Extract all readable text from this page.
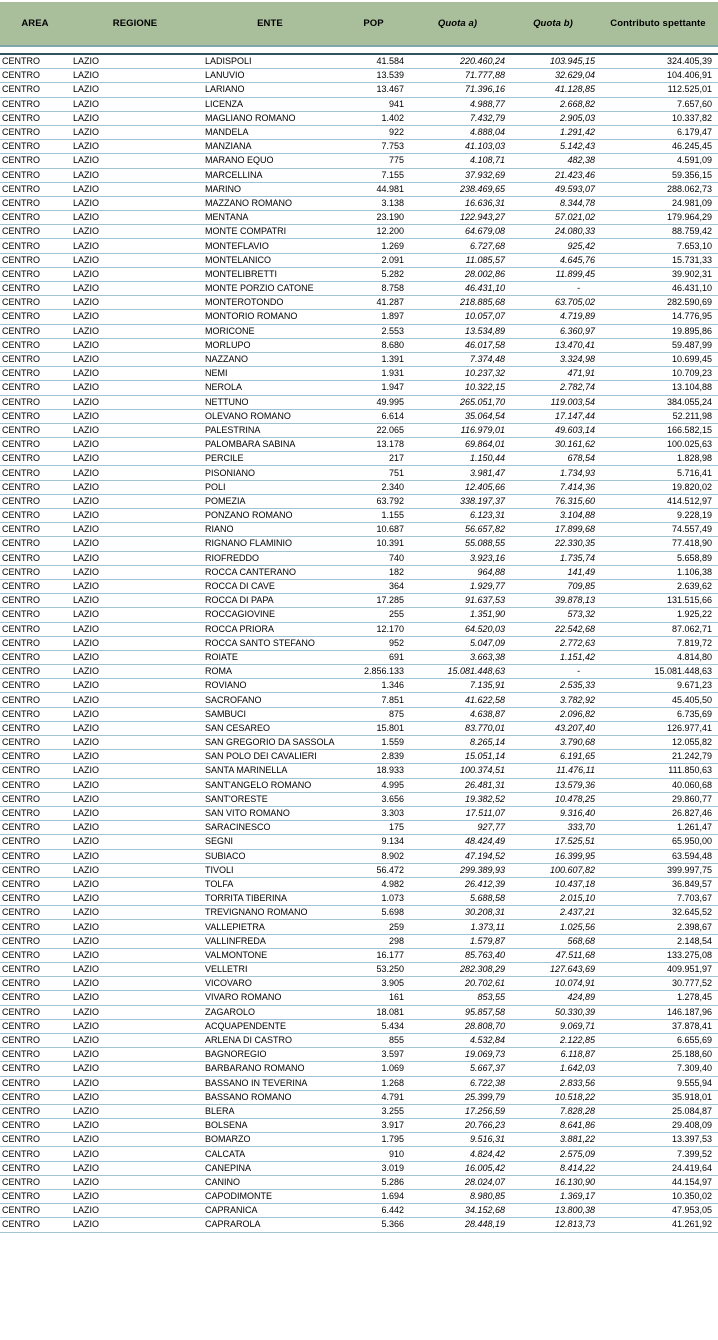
AREA	REGIONE	ENTE	POP	Quota a)	Quota b)	Contributo spettante
CENTRO	LAZIO	LADISPOLI	41.584	220.460,24	103.945,15	324.405,39
CENTRO	LAZIO	LANUVIO	13.539	71.777,88	32.629,04	104.406,91
CENTRO	LAZIO	LARIANO	13.467	71.396,16	41.128,85	112.525,01
CENTRO	LAZIO	LICENZA	941	4.988,77	2.668,82	7.657,60
CENTRO	LAZIO	MAGLIANO ROMANO	1.402	7.432,79	2.905,03	10.337,82
CENTRO	LAZIO	MANDELA	922	4.888,04	1.291,42	6.179,47
CENTRO	LAZIO	MANZIANA	7.753	41.103,03	5.142,43	46.245,45
CENTRO	LAZIO	MARANO EQUO	775	4.108,71	482,38	4.591,09
CENTRO	LAZIO	MARCELLINA	7.155	37.932,69	21.423,46	59.356,15
CENTRO	LAZIO	MARINO	44.981	238.469,65	49.593,07	288.062,73
CENTRO	LAZIO	MAZZANO ROMANO	3.138	16.636,31	8.344,78	24.981,09
CENTRO	LAZIO	MENTANA	23.190	122.943,27	57.021,02	179.964,29
CENTRO	LAZIO	MONTE COMPATRI	12.200	64.679,08	24.080,33	88.759,42
CENTRO	LAZIO	MONTEFLAVIO	1.269	6.727,68	925,42	7.653,10
CENTRO	LAZIO	MONTELANICO	2.091	11.085,57	4.645,76	15.731,33
CENTRO	LAZIO	MONTELIBRETTI	5.282	28.002,86	11.899,45	39.902,31
CENTRO	LAZIO	MONTE PORZIO CATONE	8.758	46.431,10	-	46.431,10
CENTRO	LAZIO	MONTEROTONDO	41.287	218.885,68	63.705,02	282.590,69
CENTRO	LAZIO	MONTORIO ROMANO	1.897	10.057,07	4.719,89	14.776,95
CENTRO	LAZIO	MORICONE	2.553	13.534,89	6.360,97	19.895,86
CENTRO	LAZIO	MORLUPO	8.680	46.017,58	13.470,41	59.487,99
CENTRO	LAZIO	NAZZANO	1.391	7.374,48	3.324,98	10.699,45
CENTRO	LAZIO	NEMI	1.931	10.237,32	471,91	10.709,23
CENTRO	LAZIO	NEROLA	1.947	10.322,15	2.782,74	13.104,88
CENTRO	LAZIO	NETTUNO	49.995	265.051,70	119.003,54	384.055,24
CENTRO	LAZIO	OLEVANO ROMANO	6.614	35.064,54	17.147,44	52.211,98
CENTRO	LAZIO	PALESTRINA	22.065	116.979,01	49.603,14	166.582,15
CENTRO	LAZIO	PALOMBARA SABINA	13.178	69.864,01	30.161,62	100.025,63
CENTRO	LAZIO	PERCILE	217	1.150,44	678,54	1.828,98
CENTRO	LAZIO	PISONIANO	751	3.981,47	1.734,93	5.716,41
CENTRO	LAZIO	POLI	2.340	12.405,66	7.414,36	19.820,02
CENTRO	LAZIO	POMEZIA	63.792	338.197,37	76.315,60	414.512,97
CENTRO	LAZIO	PONZANO ROMANO	1.155	6.123,31	3.104,88	9.228,19
CENTRO	LAZIO	RIANO	10.687	56.657,82	17.899,68	74.557,49
CENTRO	LAZIO	RIGNANO FLAMINIO	10.391	55.088,55	22.330,35	77.418,90
CENTRO	LAZIO	RIOFREDDO	740	3.923,16	1.735,74	5.658,89
CENTRO	LAZIO	ROCCA CANTERANO	182	964,88	141,49	1.106,38
CENTRO	LAZIO	ROCCA DI CAVE	364	1.929,77	709,85	2.639,62
CENTRO	LAZIO	ROCCA DI PAPA	17.285	91.637,53	39.878,13	131.515,66
CENTRO	LAZIO	ROCCAGIOVINE	255	1.351,90	573,32	1.925,22
CENTRO	LAZIO	ROCCA PRIORA	12.170	64.520,03	22.542,68	87.062,71
CENTRO	LAZIO	ROCCA SANTO STEFANO	952	5.047,09	2.772,63	7.819,72
CENTRO	LAZIO	ROIATE	691	3.663,38	1.151,42	4.814,80
CENTRO	LAZIO	ROMA	2.856.133	15.081.448,63	-	15.081.448,63
CENTRO	LAZIO	ROVIANO	1.346	7.135,91	2.535,33	9.671,23
CENTRO	LAZIO	SACROFANO	7.851	41.622,58	3.782,92	45.405,50
CENTRO	LAZIO	SAMBUCI	875	4.638,87	2.096,82	6.735,69
CENTRO	LAZIO	SAN CESAREO	15.801	83.770,01	43.207,40	126.977,41
CENTRO	LAZIO	SAN GREGORIO DA SASSOLA	1.559	8.265,14	3.790,68	12.055,82
CENTRO	LAZIO	SAN POLO DEI CAVALIERI	2.839	15.051,14	6.191,65	21.242,79
CENTRO	LAZIO	SANTA MARINELLA	18.933	100.374,51	11.476,11	111.850,63
CENTRO	LAZIO	SANT'ANGELO ROMANO	4.995	26.481,31	13.579,36	40.060,68
CENTRO	LAZIO	SANT'ORESTE	3.656	19.382,52	10.478,25	29.860,77
CENTRO	LAZIO	SAN VITO ROMANO	3.303	17.511,07	9.316,40	26.827,46
CENTRO	LAZIO	SARACINESCO	175	927,77	333,70	1.261,47
CENTRO	LAZIO	SEGNI	9.134	48.424,49	17.525,51	65.950,00
CENTRO	LAZIO	SUBIACO	8.902	47.194,52	16.399,95	63.594,48
CENTRO	LAZIO	TIVOLI	56.472	299.389,93	100.607,82	399.997,75
CENTRO	LAZIO	TOLFA	4.982	26.412,39	10.437,18	36.849,57
CENTRO	LAZIO	TORRITA TIBERINA	1.073	5.688,58	2.015,10	7.703,67
CENTRO	LAZIO	TREVIGNANO ROMANO	5.698	30.208,31	2.437,21	32.645,52
CENTRO	LAZIO	VALLEPIETRA	259	1.373,11	1.025,56	2.398,67
CENTRO	LAZIO	VALLINFREDA	298	1.579,87	568,68	2.148,54
CENTRO	LAZIO	VALMONTONE	16.177	85.763,40	47.511,68	133.275,08
CENTRO	LAZIO	VELLETRI	53.250	282.308,29	127.643,69	409.951,97
CENTRO	LAZIO	VICOVARO	3.905	20.702,61	10.074,91	30.777,52
CENTRO	LAZIO	VIVARO ROMANO	161	853,55	424,89	1.278,45
CENTRO	LAZIO	ZAGAROLO	18.081	95.857,58	50.330,39	146.187,96
CENTRO	LAZIO	ACQUAPENDENTE	5.434	28.808,70	9.069,71	37.878,41
CENTRO	LAZIO	ARLENA DI CASTRO	855	4.532,84	2.122,85	6.655,69
CENTRO	LAZIO	BAGNOREGIO	3.597	19.069,73	6.118,87	25.188,60
CENTRO	LAZIO	BARBARANO ROMANO	1.069	5.667,37	1.642,03	7.309,40
CENTRO	LAZIO	BASSANO IN TEVERINA	1.268	6.722,38	2.833,56	9.555,94
CENTRO	LAZIO	BASSANO ROMANO	4.791	25.399,79	10.518,22	35.918,01
CENTRO	LAZIO	BLERA	3.255	17.256,59	7.828,28	25.084,87
CENTRO	LAZIO	BOLSENA	3.917	20.766,23	8.641,86	29.408,09
CENTRO	LAZIO	BOMARZO	1.795	9.516,31	3.881,22	13.397,53
CENTRO	LAZIO	CALCATA	910	4.824,42	2.575,09	7.399,52
CENTRO	LAZIO	CANEPINA	3.019	16.005,42	8.414,22	24.419,64
CENTRO	LAZIO	CANINO	5.286	28.024,07	16.130,90	44.154,97
CENTRO	LAZIO	CAPODIMONTE	1.694	8.980,85	1.369,17	10.350,02
CENTRO	LAZIO	CAPRANICA	6.442	34.152,68	13.800,38	47.953,05
CENTRO	LAZIO	CAPRAROLA	5.366	28.448,19	12.813,73	41.261,92
